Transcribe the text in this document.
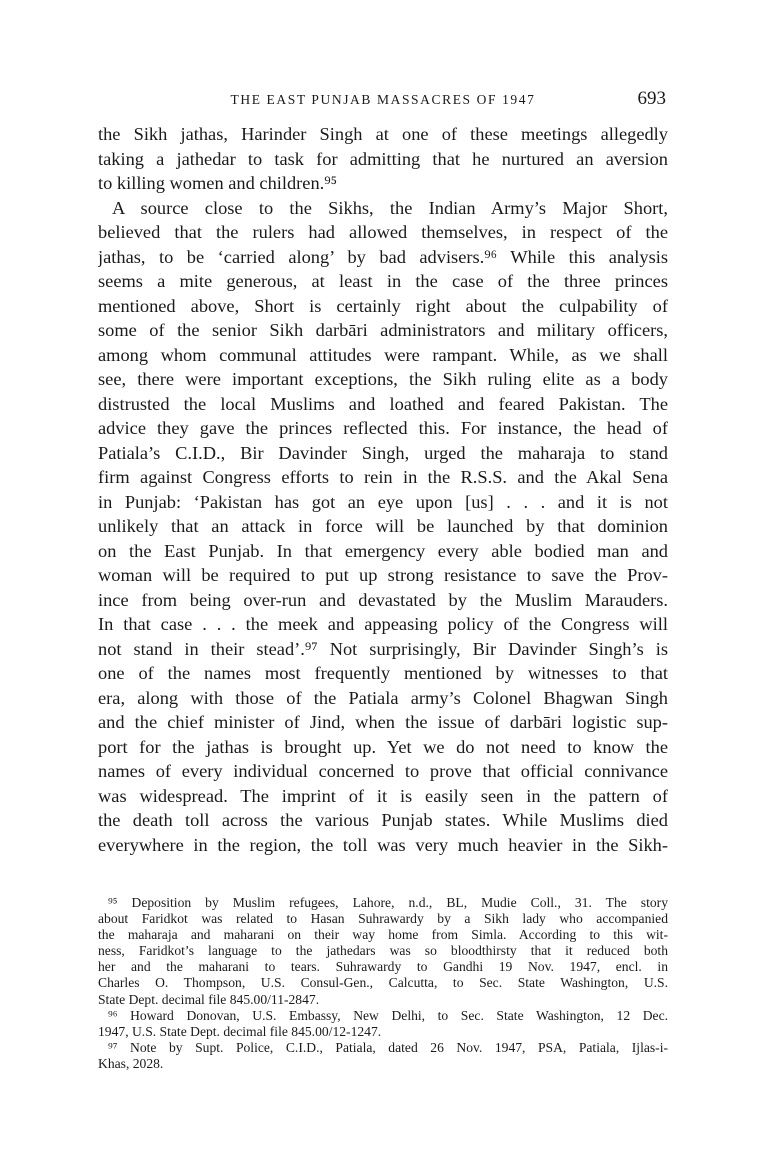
THE EAST PUNJAB MASSACRES OF 1947	693
the Sikh jathas, Harinder Singh at one of these meetings allegedly
taking a jathedar to task for admitting that he nurtured an aversion
to killing women and children.⁹⁵
A source close to the Sikhs, the Indian Army’s Major Short,
believed that the rulers had allowed themselves, in respect of the
jathas, to be ‘carried along’ by bad advisers.⁹⁶ While this analysis
seems a mite generous, at least in the case of the three princes
mentioned above, Short is certainly right about the culpability of
some of the senior Sikh darbāri administrators and military officers,
among whom communal attitudes were rampant. While, as we shall
see, there were important exceptions, the Sikh ruling elite as a body
distrusted the local Muslims and loathed and feared Pakistan. The
advice they gave the princes reflected this. For instance, the head of
Patiala’s C.I.D., Bir Davinder Singh, urged the maharaja to stand
firm against Congress efforts to rein in the R.S.S. and the Akal Sena
in Punjab: ‘Pakistan has got an eye upon [us] . . . and it is not
unlikely that an attack in force will be launched by that dominion
on the East Punjab. In that emergency every able bodied man and
woman will be required to put up strong resistance to save the Prov-
ince from being over-run and devastated by the Muslim Marauders.
In that case . . . the meek and appeasing policy of the Congress will
not stand in their stead’.⁹⁷ Not surprisingly, Bir Davinder Singh’s is
one of the names most frequently mentioned by witnesses to that
era, along with those of the Patiala army’s Colonel Bhagwan Singh
and the chief minister of Jind, when the issue of darbāri logistic sup-
port for the jathas is brought up. Yet we do not need to know the
names of every individual concerned to prove that official connivance
was widespread. The imprint of it is easily seen in the pattern of
the death toll across the various Punjab states. While Muslims died
everywhere in the region, the toll was very much heavier in the Sikh-
⁹⁵ Deposition by Muslim refugees, Lahore, n.d., BL, Mudie Coll., 31. The story
about Faridkot was related to Hasan Suhrawardy by a Sikh lady who accompanied
the maharaja and maharani on their way home from Simla. According to this wit-
ness, Faridkot’s language to the jathedars was so bloodthirsty that it reduced both
her and the maharani to tears. Suhrawardy to Gandhi 19 Nov. 1947, encl. in
Charles O. Thompson, U.S. Consul-Gen., Calcutta, to Sec. State Washington, U.S.
State Dept. decimal file 845.00/11-2847.
⁹⁶ Howard Donovan, U.S. Embassy, New Delhi, to Sec. State Washington, 12 Dec.
1947, U.S. State Dept. decimal file 845.00/12-1247.
⁹⁷ Note by Supt. Police, C.I.D., Patiala, dated 26 Nov. 1947, PSA, Patiala, Ijlas-i-
Khas, 2028.
